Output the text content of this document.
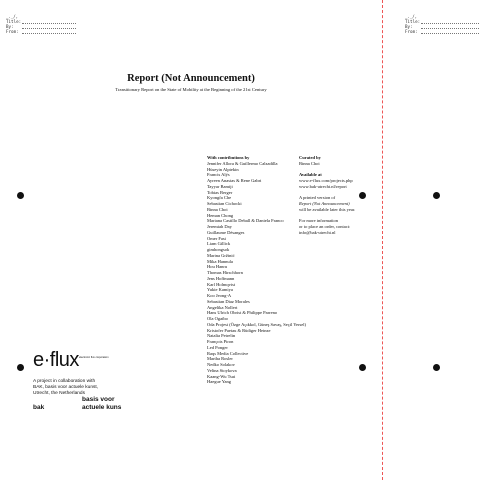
_._/,
Title:
By:
From:
_._/,
Title:
By:
From:
Report (Not Announcement)
Transitionary Report on the State of Mobility at the Beginning of the 21st Century
With contributions by
Jennifer Allora & Guillermo Calzadilla
Hüseyin Alptekin
Francis Alÿs
Ayreen Anastas & Rene Gabri
Tayyar Bamiji
Tobias Berger
Kyongfa Che
Sebastian Cichocki
Binna Choi
Heman Chong
Mariana Castillo Deball & Daniela Franco
Jeremiah Day
Guillaume Désanges
Omer Fast
Liam Gillick
gimhongsok
Marina Gržinić
Mika Hannula
Hou Hanru
Thomas Hirschhorn
Jens Hoffmann
Karl Holmqvist
Yukie Kamiya
Koo Jeong-A
Sebastian Diaz Morales
Angelika Nollert
Hans Ulrich Obrist & Philippe Parreno
Ola Ogaibo
Oda Projesi (Özge Açıkkol, Güneş Savaş, Seçil Yersel)
Kristofer Paetau & Rüdiger Heinze
Natalia Petrelin
François Piron
Led Ponger
Raqs Media Collective
Martha Rosler
Nedko Solakov
Velina Stoykova
Kaang-Wu Tsui
Haegue Yang
Curated by
Binna Choi
Available at
www.e-flux.com/projects.php
www.bak-utrecht.nl/report
A printed version of
Report (Not Announcement)
will be available later this year.
For more information
or to place an order, contact:
info@bak-utrecht.nl
e·flux electronic flux corporation
A project in collaboration with
BAK, basis voor actuele kunst,
Utrecht, the Netherlands
bak
basis voor
actuele kuns
